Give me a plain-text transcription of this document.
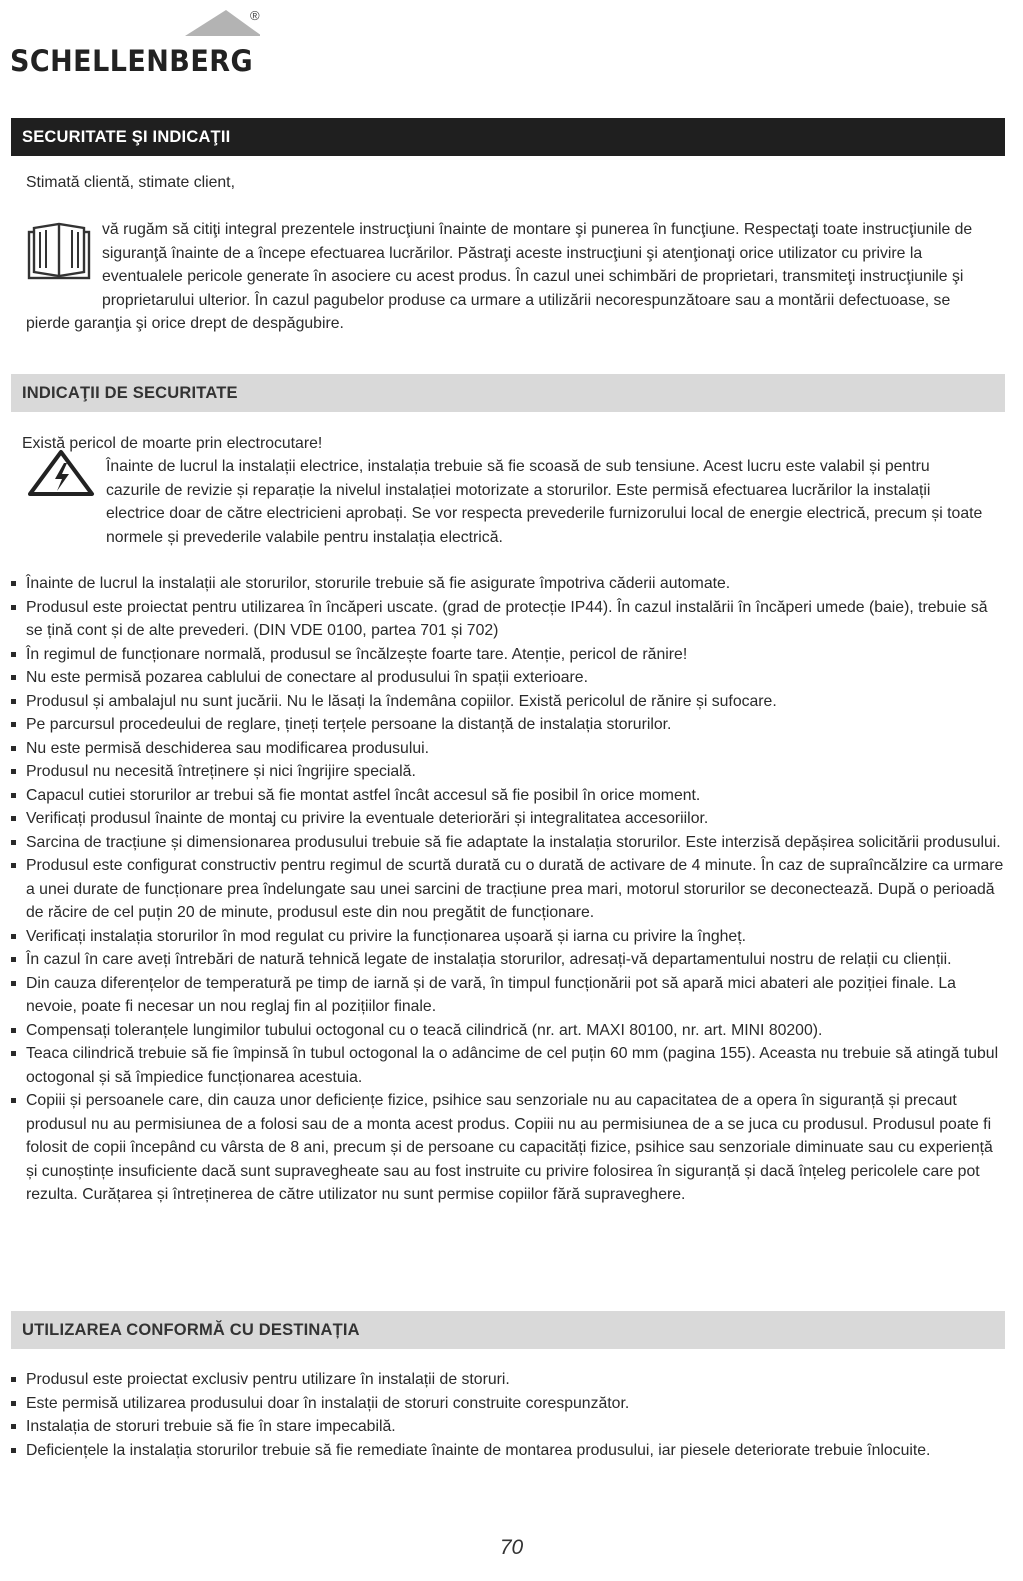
®
SCHELLENBERG
SECURITATE ŞI INDICAŢII
Stimată clientă, stimate client,

vă rugăm să citiţi integral prezentele instrucţiuni înainte de montare şi punerea în funcţiune. Respectaţi toate instrucţiunile de siguranţă înainte de a începe efectuarea lucrărilor. Păstraţi aceste instrucţiuni şi atenţionaţi orice utilizator cu privire la eventualele pericole generate în asociere cu acest produs. În cazul unei schimbări de proprietari, transmiteţi instrucţiunile şi proprietarului ulterior. În cazul pagubelor produse ca urmare a utilizării necorespunzătoare sau a montării defectuoase, se pierde garanţia şi orice drept de despăgubire.

INDICAŢII DE SECURITATE
Există pericol de moarte prin electrocutare!
Înainte de lucrul la instalații electrice, instalația trebuie să fie scoasă de sub tensiune. Acest lucru este valabil și pentru cazurile de revizie și reparație la nivelul instalației motorizate a storurilor. Este permisă efectuarea lucrărilor la instalații electrice doar de către electricieni aprobați. Se vor respecta prevederile furnizorului local de energie electrică, precum și toate normele și prevederile valabile pentru instalația electrică.
Înainte de lucrul la instalații ale storurilor, storurile trebuie să fie asigurate împotriva căderii automate.
Produsul este proiectat pentru utilizarea în încăperi uscate. (grad de protecție IP44). În cazul instalării în încăperi umede (baie), trebuie să se țină cont și de alte prevederi. (DIN VDE 0100, partea 701 și 702)
În regimul de funcționare normală, produsul se încălzește foarte tare. Atenție, pericol de rănire!
Nu este permisă pozarea cablului de conectare al produsului în spații exterioare.
Produsul și ambalajul nu sunt jucării. Nu le lăsați la îndemâna copiilor. Există pericolul de rănire și sufocare.
Pe parcursul procedeului de reglare, țineți terțele persoane la distanță de instalația storurilor.
Nu este permisă deschiderea sau modificarea produsului.
Produsul nu necesită întreținere și nici îngrijire specială.
Capacul cutiei storurilor ar trebui să fie montat astfel încât accesul să fie posibil în orice moment.
Verificați produsul înainte de montaj cu privire la eventuale deteriorări și integralitatea accesoriilor.
Sarcina de tracțiune și dimensionarea produsului trebuie să fie adaptate la instalația storurilor. Este interzisă depășirea solicitării produsului.
Produsul este configurat constructiv pentru regimul de scurtă durată cu o durată de activare de 4 minute. În caz de supraîncălzire ca urmare a unei durate de funcționare prea îndelungate sau unei sarcini de tracțiune prea mari, motorul storurilor se deconectează. După o perioadă de răcire de cel puțin 20 de minute, produsul este din nou pregătit de funcționare.
Verificați instalația storurilor în mod regulat cu privire la funcționarea ușoară și iarna cu privire la îngheț.
În cazul în care aveți întrebări de natură tehnică legate de instalația storurilor, adresați-vă departamentului nostru de relații cu clienții.
Din cauza diferențelor de temperatură pe timp de iarnă și de vară, în timpul funcționării pot să apară mici abateri ale poziției finale. La nevoie, poate fi necesar un nou reglaj fin al pozițiilor finale.
Compensați toleranțele lungimilor tubului octogonal cu o teacă cilindrică (nr. art. MAXI 80100, nr. art. MINI 80200).
Teaca cilindrică trebuie să fie împinsă în tubul octogonal la o adâncime de cel puțin 60 mm (pagina 155). Aceasta nu trebuie să atingă tubul octogonal și să împiedice funcționarea acestuia.
Copiii și persoanele care, din cauza unor deficiențe fizice, psihice sau senzoriale nu au capacitatea de a opera în siguranță și precaut produsul nu au permisiunea de a folosi sau de a monta acest produs. Copiii nu au permisiunea de a se juca cu produsul. Produsul poate fi folosit de copii începând cu vârsta de 8 ani, precum și de persoane cu capacități fizice, psihice sau senzoriale diminuate sau cu experiență și cunoștințe insuficiente dacă sunt supravegheate sau au fost instruite cu privire folosirea în siguranță și dacă înțeleg pericolele care pot rezulta. Curățarea și întreținerea de către utilizator nu sunt permise copiilor fără supraveghere.
UTILIZAREA CONFORMĂ CU DESTINAȚIA
Produsul este proiectat exclusiv pentru utilizare în instalații de storuri.
Este permisă utilizarea produsului doar în instalații de storuri construite corespunzător.
Instalația de storuri trebuie să fie în stare impecabilă.
Deficiențele la instalația storurilor trebuie să fie remediate înainte de montarea produsului, iar piesele deteriorate trebuie înlocuite.
70
